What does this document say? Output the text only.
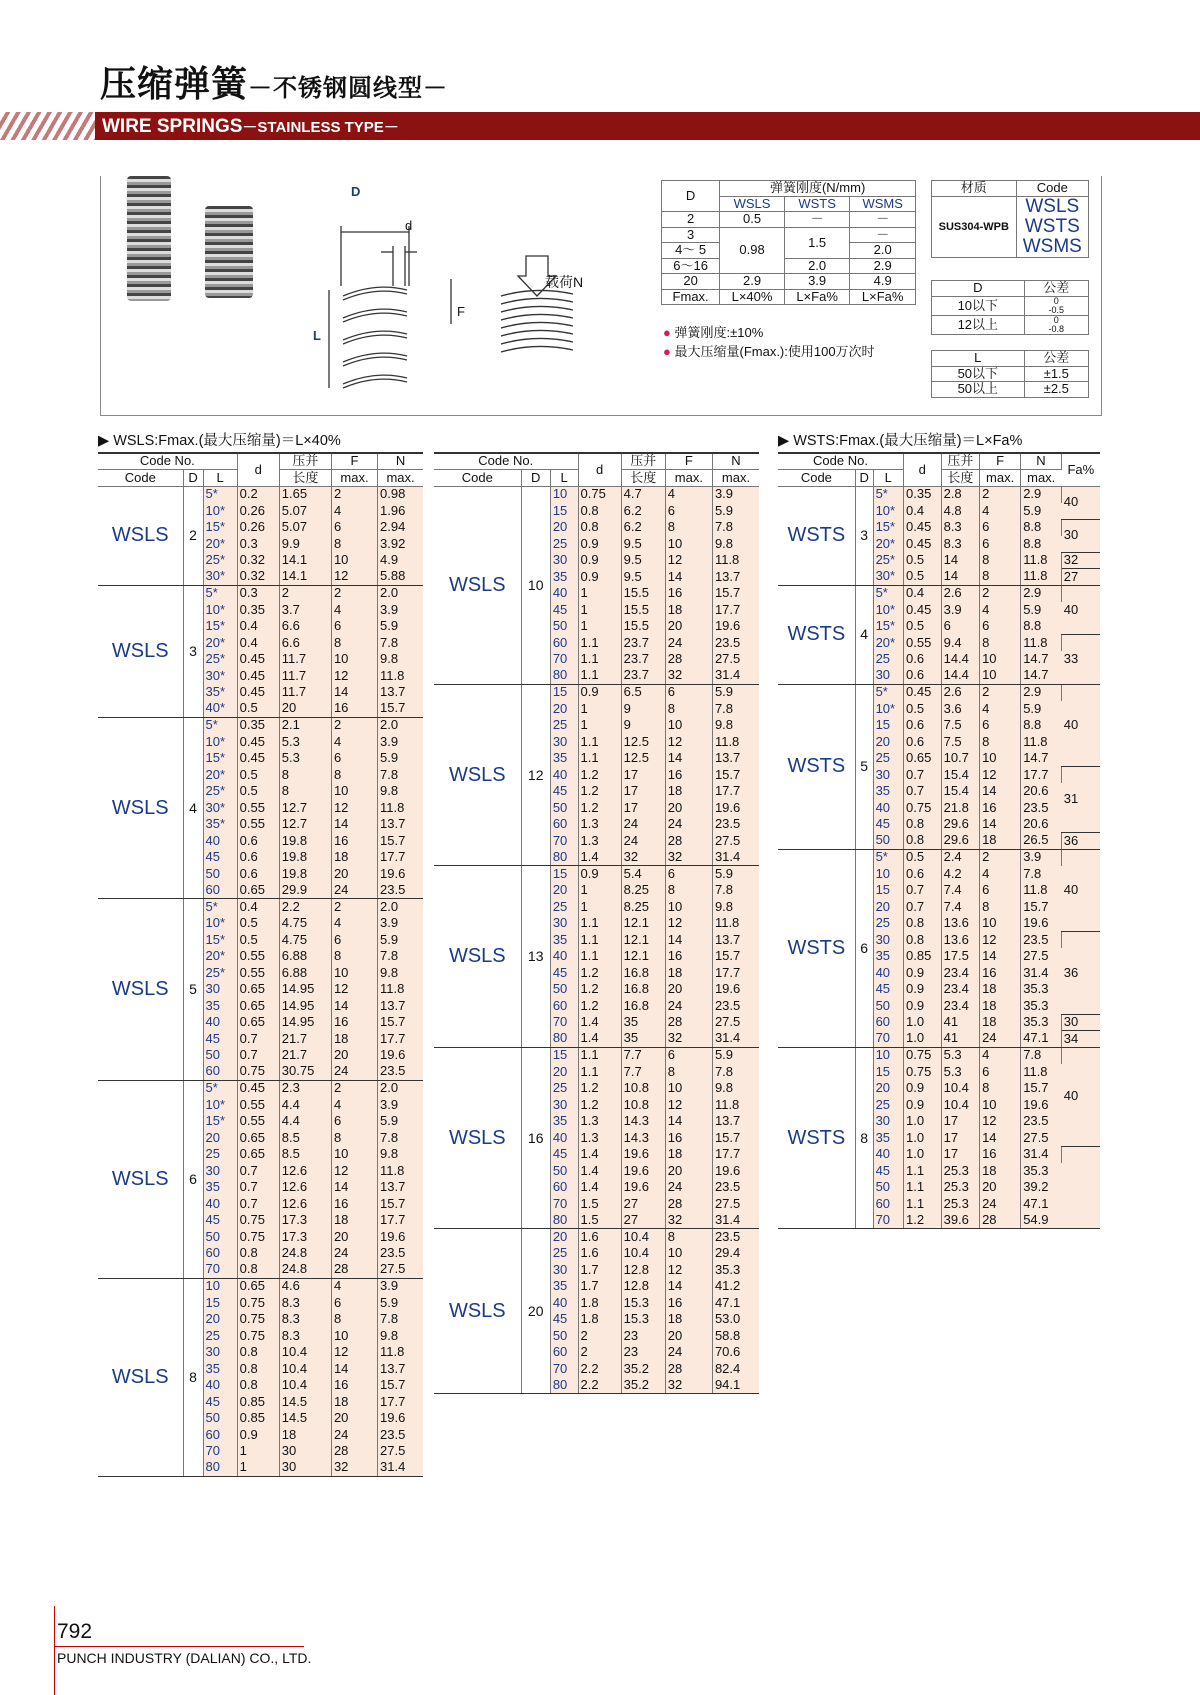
压缩弹簧－不锈钢圆线型－
WIRE SPRINGS－STAINLESS TYPE－
D
d
L
F
载荷N
D	弹簧刚度(N/mm)		
	WSLS	WSTS	WSMS
2	0.5	－	－
3	0.98	1.5	－
4～ 5			2.0
6～16		2.0	2.9
20	2.9	3.9	4.9
Fmax.	L×40%	L×Fa%	L×Fa%
● 弹簧刚度:±10%
● 最大压缩量(Fmax.):使用100万次时
材质	Code
SUS304-WPB	WSLS
WSTS
WSMS
D	公差
10以下	0
-0.5

12以上	0
-0.8
L	公差
50以下	±1.5
50以上	±2.5
▶ WSLS:Fmax.(最大压缩量)＝L×40%	▶ WSTS:Fmax.(最大压缩量)＝L×Fa%
Code No.			d	压并	F	N
Code	D	L		长度	max.	max.
WSLS	2	5*	0.2	1.65	2	0.98
		10*	0.26	5.07	4	1.96
		15*	0.26	5.07	6	2.94
		20*	0.3	9.9	8	3.92
		25*	0.32	14.1	10	4.9
		30*	0.32	14.1	12	5.88
WSLS	3	5*	0.3	2	2	2.0
		10*	0.35	3.7	4	3.9
		15*	0.4	6.6	6	5.9
		20*	0.4	6.6	8	7.8
		25*	0.45	11.7	10	9.8
		30*	0.45	11.7	12	11.8
		35*	0.45	11.7	14	13.7
		40*	0.5	20	16	15.7
WSLS	4	5*	0.35	2.1	2	2.0
		10*	0.45	5.3	4	3.9
		15*	0.45	5.3	6	5.9
		20*	0.5	8	8	7.8
		25*	0.5	8	10	9.8
		30*	0.55	12.7	12	11.8
		35*	0.55	12.7	14	13.7
		40	0.6	19.8	16	15.7
		45	0.6	19.8	18	17.7
		50	0.6	19.8	20	19.6
		60	0.65	29.9	24	23.5
WSLS	5	5*	0.4	2.2	2	2.0
		10*	0.5	4.75	4	3.9
		15*	0.5	4.75	6	5.9
		20*	0.55	6.88	8	7.8
		25*	0.55	6.88	10	9.8
		30	0.65	14.95	12	11.8
		35	0.65	14.95	14	13.7
		40	0.65	14.95	16	15.7
		45	0.7	21.7	18	17.7
		50	0.7	21.7	20	19.6
		60	0.75	30.75	24	23.5
WSLS	6	5*	0.45	2.3	2	2.0
		10*	0.55	4.4	4	3.9
		15*	0.55	4.4	6	5.9
		20	0.65	8.5	8	7.8
		25	0.65	8.5	10	9.8
		30	0.7	12.6	12	11.8
		35	0.7	12.6	14	13.7
		40	0.7	12.6	16	15.7
		45	0.75	17.3	18	17.7
		50	0.75	17.3	20	19.6
		60	0.8	24.8	24	23.5
		70	0.8	24.8	28	27.5
WSLS	8	10	0.65	4.6	4	3.9
		15	0.75	8.3	6	5.9
		20	0.75	8.3	8	7.8
		25	0.75	8.3	10	9.8
		30	0.8	10.4	12	11.8
		35	0.8	10.4	14	13.7
		40	0.8	10.4	16	15.7
		45	0.85	14.5	18	17.7
		50	0.85	14.5	20	19.6
		60	0.9	18	24	23.5
		70	1	30	28	27.5
		80	1	30	32	31.4
Code No.			d	压并	F	N
Code	D	L		长度	max.	max.
WSLS	10	10	0.75	4.7	4	3.9
		15	0.8	6.2	6	5.9
		20	0.8	6.2	8	7.8
		25	0.9	9.5	10	9.8
		30	0.9	9.5	12	11.8
		35	0.9	9.5	14	13.7
		40	1	15.5	16	15.7
		45	1	15.5	18	17.7
		50	1	15.5	20	19.6
		60	1.1	23.7	24	23.5
		70	1.1	23.7	28	27.5
		80	1.1	23.7	32	31.4
WSLS	12	15	0.9	6.5	6	5.9
		20	1	9	8	7.8
		25	1	9	10	9.8
		30	1.1	12.5	12	11.8
		35	1.1	12.5	14	13.7
		40	1.2	17	16	15.7
		45	1.2	17	18	17.7
		50	1.2	17	20	19.6
		60	1.3	24	24	23.5
		70	1.3	24	28	27.5
		80	1.4	32	32	31.4
WSLS	13	15	0.9	5.4	6	5.9
		20	1	8.25	8	7.8
		25	1	8.25	10	9.8
		30	1.1	12.1	12	11.8
		35	1.1	12.1	14	13.7
		40	1.1	12.1	16	15.7
		45	1.2	16.8	18	17.7
		50	1.2	16.8	20	19.6
		60	1.2	16.8	24	23.5
		70	1.4	35	28	27.5
		80	1.4	35	32	31.4
WSLS	16	15	1.1	7.7	6	5.9
		20	1.1	7.7	8	7.8
		25	1.2	10.8	10	9.8
		30	1.2	10.8	12	11.8
		35	1.3	14.3	14	13.7
		40	1.3	14.3	16	15.7
		45	1.4	19.6	18	17.7
		50	1.4	19.6	20	19.6
		60	1.4	19.6	24	23.5
		70	1.5	27	28	27.5
		80	1.5	27	32	31.4
WSLS	20	20	1.6	10.4	8	23.5
		25	1.6	10.4	10	29.4
		30	1.7	12.8	12	35.3
		35	1.7	12.8	14	41.2
		40	1.8	15.3	16	47.1
		45	1.8	15.3	18	53.0
		50	2	23	20	58.8
		60	2	23	24	70.6
		70	2.2	35.2	28	82.4
		80	2.2	35.2	32	94.1
Code No.			d	压并	F	N	Fa%
Code	D	L		长度	max.	max.	
WSTS	3	5*	0.35	2.8	2	2.9	40
		10*	0.4	4.8	4	5.9	
		15*	0.45	8.3	6	8.8	30
		20*	0.45	8.3	6	8.8	
		25*	0.5	14	8	11.8	32
		30*	0.5	14	8	11.8	27
WSTS	4	5*	0.4	2.6	2	2.9	40
		10*	0.45	3.9	4	5.9	
		15*	0.5	6	6	8.8	
		20*	0.55	9.4	8	11.8	33
		25	0.6	14.4	10	14.7	
		30	0.6	14.4	10	14.7	
WSTS	5	5*	0.45	2.6	2	2.9	40
		10*	0.5	3.6	4	5.9	
		15	0.6	7.5	6	8.8	
		20	0.6	7.5	8	11.8	
		25	0.65	10.7	10	14.7	
		30	0.7	15.4	12	17.7	31
		35	0.7	15.4	14	20.6	
		40	0.75	21.8	16	23.5	
		45	0.8	29.6	14	20.6	
		50	0.8	29.6	18	26.5	36
WSTS	6	5*	0.5	2.4	2	3.9	40
		10	0.6	4.2	4	7.8	
		15	0.7	7.4	6	11.8	
		20	0.7	7.4	8	15.7	
		25	0.8	13.6	10	19.6	
		30	0.8	13.6	12	23.5	36
		35	0.85	17.5	14	27.5	
		40	0.9	23.4	16	31.4	
		45	0.9	23.4	18	35.3	
		50	0.9	23.4	18	35.3	
		60	1.0	41	18	35.3	30
		70	1.0	41	24	47.1	34
WSTS	8	10	0.75	5.3	4	7.8	40
		15	0.75	5.3	6	11.8	
		20	0.9	10.4	8	15.7	
		25	0.9	10.4	10	19.6	
		30	1.0	17	12	23.5	
		35	1.0	17	14	27.5	
		40	1.0	17	16	31.4	
		45	1.1	25.3	18	35.3	
		50	1.1	25.3	20	39.2	
		60	1.1	25.3	24	47.1	
		70	1.2	39.6	28	54.9	
792
PUNCH INDUSTRY (DALIAN) CO., LTD.
